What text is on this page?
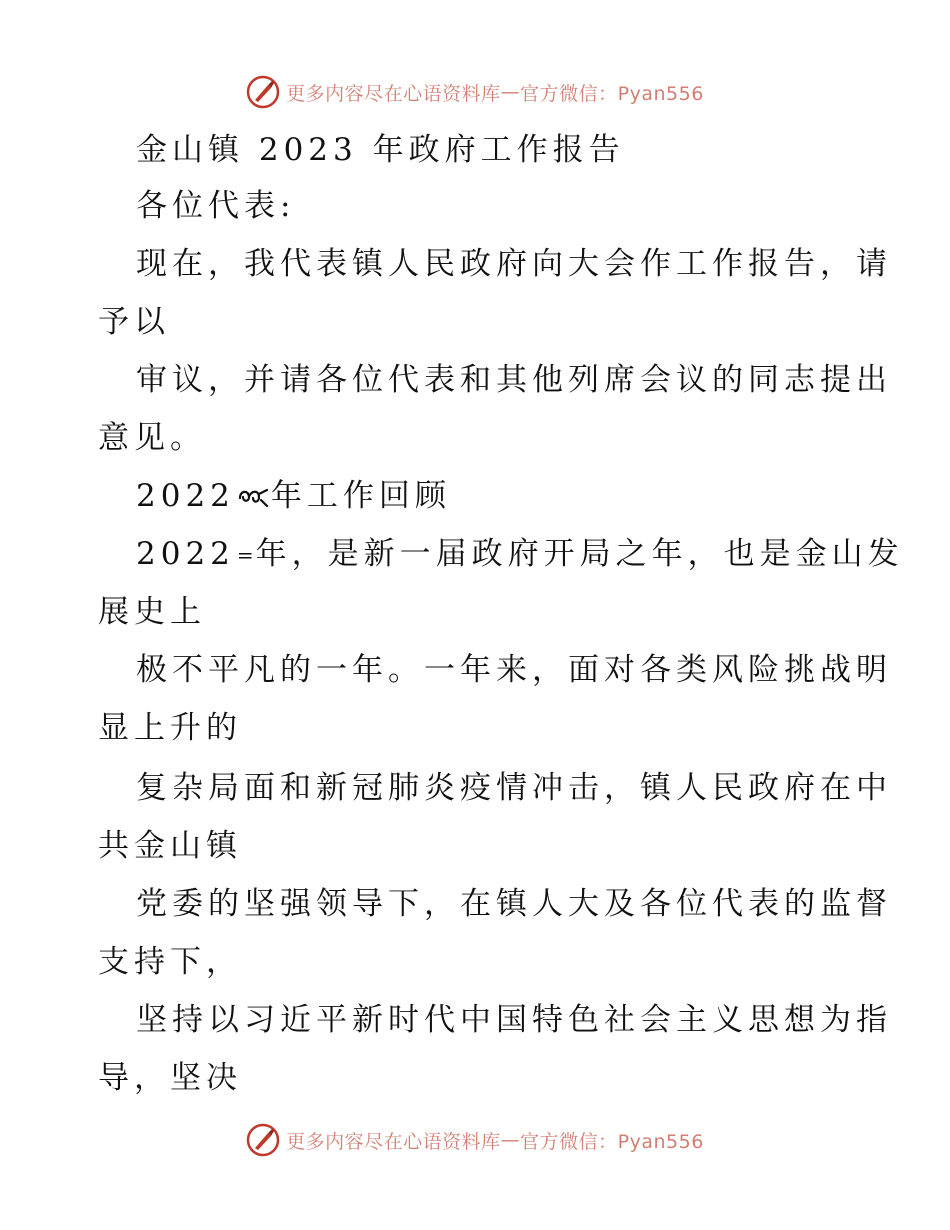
更多内容尽在心语资料库 — 官方微信：Pyan556
金山镇 2023 年政府工作报告
各位代表:
现在，我代表镇人民政府向大会作工作报告，请
予以
审议，并请各位代表和其他列席会议的同志提出
意见。
2022 年工作回顾
2022 =年，是新一届政府开局之年，也是金山发
展史上
极不平凡的一年。一年来，面对各类风险挑战明
显上升的
复杂局面和新冠肺炎疫情冲击，镇人民政府在中
共金山镇
党委的坚强领导下，在镇人大及各位代表的监督
支持下，
坚持以习近平新时代中国特色社会主义思想为指
导，坚决
更多内容尽在心语资料库 — 官方微信：Pyan556
